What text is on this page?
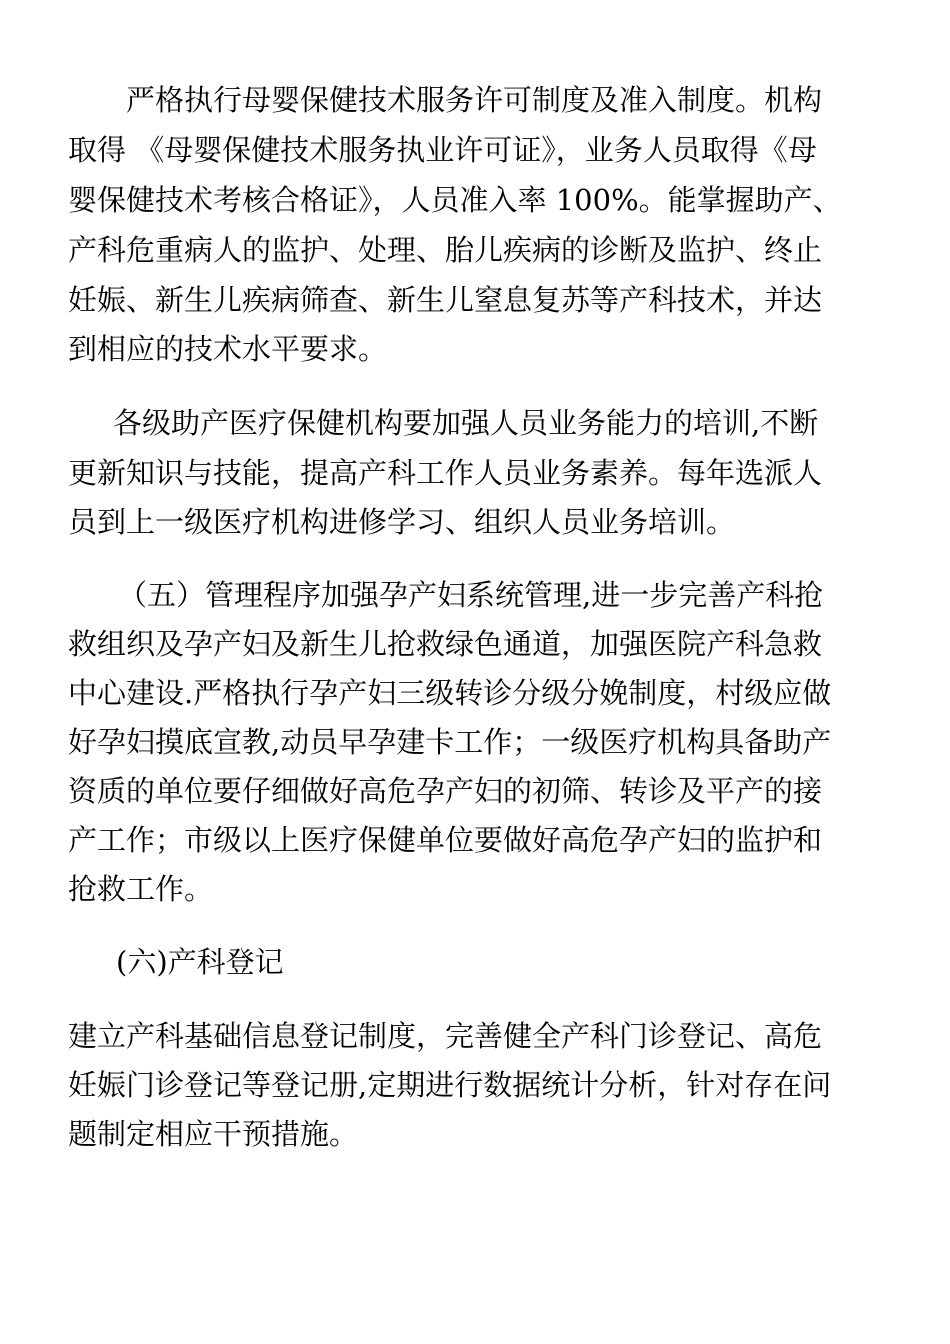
严格执行母婴保健技术服务许可制度及准入制度。机构

取得 《母婴保健技术服务执业许可证》，业务人员取得《母

婴保健技术考核合格证》，人员准入率 100%。能掌握助产、

产科危重病人的监护、处理、胎儿疾病的诊断及监护、终止

妊娠、新生儿疾病筛查、新生儿窒息复苏等产科技术，并达

到相应的技术水平要求。

各级助产医疗保健机构要加强人员业务能力的培训,不断

更新知识与技能，提高产科工作人员业务素养。每年选派人

员到上一级医疗机构进修学习、组织人员业务培训。

（五）管理程序加强孕产妇系统管理,进一步完善产科抢

救组织及孕产妇及新生儿抢救绿色通道，加强医院产科急救

中心建设.严格执行孕产妇三级转诊分级分娩制度，村级应做

好孕妇摸底宣教,动员早孕建卡工作；一级医疗机构具备助产

资质的单位要仔细做好高危孕产妇的初筛、转诊及平产的接

产工作；市级以上医疗保健单位要做好高危孕产妇的监护和

抢救工作。

(六)产科登记

建立产科基础信息登记制度，完善健全产科门诊登记、高危

妊娠门诊登记等登记册,定期进行数据统计分析，针对存在问

题制定相应干预措施。
